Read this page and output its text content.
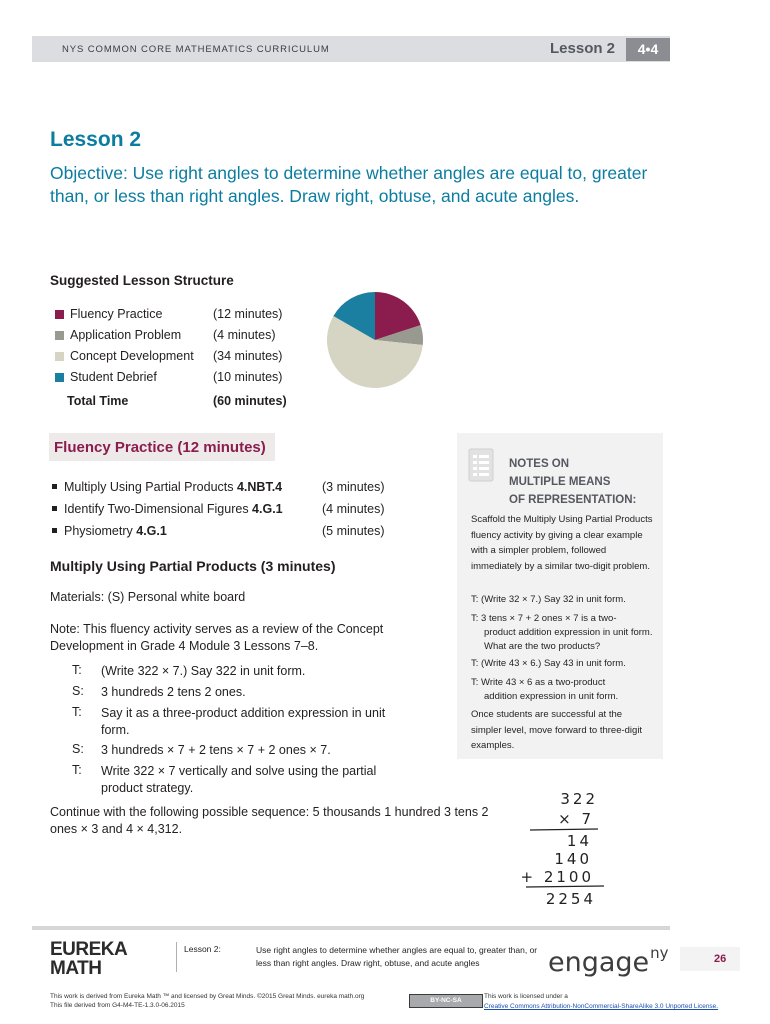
NYS COMMON CORE MATHEMATICS CURRICULUM	Lesson 2	4•4
Lesson 2
Objective: Use right angles to determine whether angles are equal to, greater than, or less than right angles. Draw right, obtuse, and acute angles.
Suggested Lesson Structure
Fluency Practice	(12 minutes)
Application Problem	(4 minutes)
Concept Development (34 minutes)
Student Debrief	(10 minutes)
Total Time	(60 minutes)
Fluency Practice (12 minutes)
Multiply Using Partial Products 4.NBT.4	(3 minutes)
Identify Two-Dimensional Figures 4.G.1	(4 minutes)
Physiometry 4.G.1	(5 minutes)
Multiply Using Partial Products (3 minutes)
Materials: (S) Personal white board
Note: This fluency activity serves as a review of the Concept Development in Grade 4 Module 3 Lessons 7–8.
T: (Write 322 × 7.) Say 322 in unit form.
S: 3 hundreds 2 tens 2 ones.
T: Say it as a three-product addition expression in unit form.
S: 3 hundreds × 7 + 2 tens × 7 + 2 ones × 7.
T: Write 322 × 7 vertically and solve using the partial product strategy.
Continue with the following possible sequence: 5 thousands 1 hundred 3 tens 2 ones × 3 and 4 × 4,312.
NOTES ON
MULTIPLE MEANS
OF REPRESENTATION:
Scaffold the Multiply Using Partial Products fluency activity by giving a clear example with a simpler problem, followed immediately by a similar two-digit problem.
T: (Write 32 × 7.) Say 32 in unit form.
T: 3 tens × 7 + 2 ones × 7 is a two-
product addition expression in unit form. What are the two products?
T: (Write 43 × 6.) Say 43 in unit form.
T: Write 43 × 6 as a two-product
addition expression in unit form.
Once students are successful at the simpler level, move forward to three-digit examples.
322
× 7
14
140
+ 2100
2254
EUREKA
MATH
Lesson 2:	Use right angles to determine whether angles are equal to, greater than, or less than right angles. Draw right, obtuse, and acute angles	engage$^{ny}$	26
This work is derived from Eureka Math ™ and licensed by Great Minds. ©2015 Great Minds. eureka math.org
This file derived from G4-M4-TE-1.3.0-06.2015
BY-NC-SA
This work is licensed under a
Creative Commons Attribution-NonCommercial-ShareAlike 3.0 Unported License.
